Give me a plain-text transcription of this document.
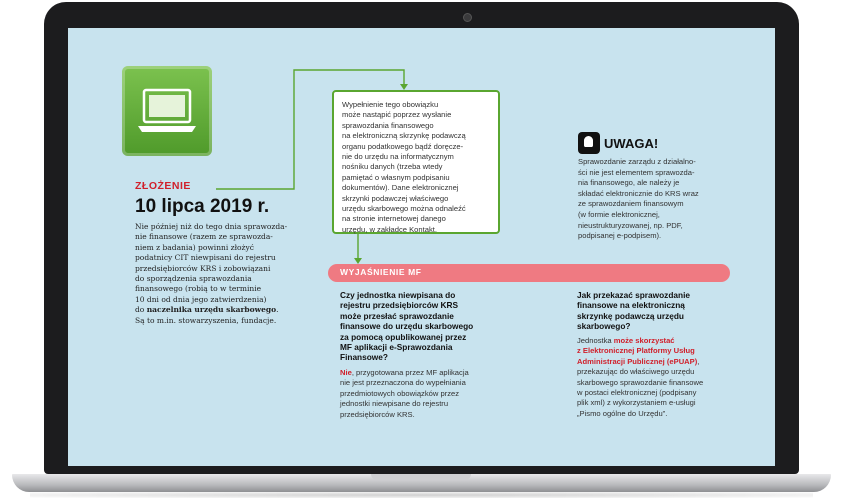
ZŁOŻENIE

10 lipca 2019 r.

Nie później niż do tego dnia sprawozda-
nie finansowe (razem ze sprawozda-
niem z badania) powinni złożyć
podatnicy CIT niewpisani do rejestru
przedsiębiorców KRS i zobowiązani
do sporządzenia sprawozdania
finansowego (robią to w terminie
10 dni od dnia jego zatwierdzenia)
do naczelnika urzędu skarbowego.
Są to m.in. stowarzyszenia, fundacje.

Wypełnienie tego obowiązku
może nastąpić poprzez wysłanie
sprawozdania finansowego
na elektroniczną skrzynkę podawczą
organu podatkowego bądź doręcze-
nie do urzędu na informatycznym
nośniku danych (trzeba wtedy
pamiętać o własnym podpisaniu
dokumentów). Dane elektronicznej
skrzynki podawczej właściwego
urzędu skarbowego można odnaleźć
na stronie internetowej danego
urzędu, w zakładce Kontakt.

UWAGA!

Sprawozdanie zarządu z działalno-
ści nie jest elementem sprawozda-
nia finansowego, ale należy je
składać elektronicznie do KRS wraz
ze sprawozdaniem finansowym
(w formie elektronicznej,
nieustrukturyzowanej, np. PDF,
podpisanej e-podpisem).

WYJAŚNIENIE MF

Czy jednostka niewpisana do
rejestru przedsiębiorców KRS
może przesłać sprawozdanie
finansowe do urzędu skarbowego
za pomocą opublikowanej przez
MF aplikacji e-Sprawozdania
Finansowe?

Nie, przygotowana przez MF aplikacja
nie jest przeznaczona do wypełniania
przedmiotowych obowiązków przez
jednostki niewpisane do rejestru
przedsiębiorców KRS.

Jak przekazać sprawozdanie
finansowe na elektroniczną
skrzynkę podawczą urzędu
skarbowego?

Jednostka może skorzystać
z Elektronicznej Platformy Usług
Administracji Publicznej (ePUAP),
przekazując do właściwego urzędu
skarbowego sprawozdanie finansowe
w postaci elektronicznej (podpisany
plik xml) z wykorzystaniem e-usługi
„Pismo ogólne do Urzędu”.
